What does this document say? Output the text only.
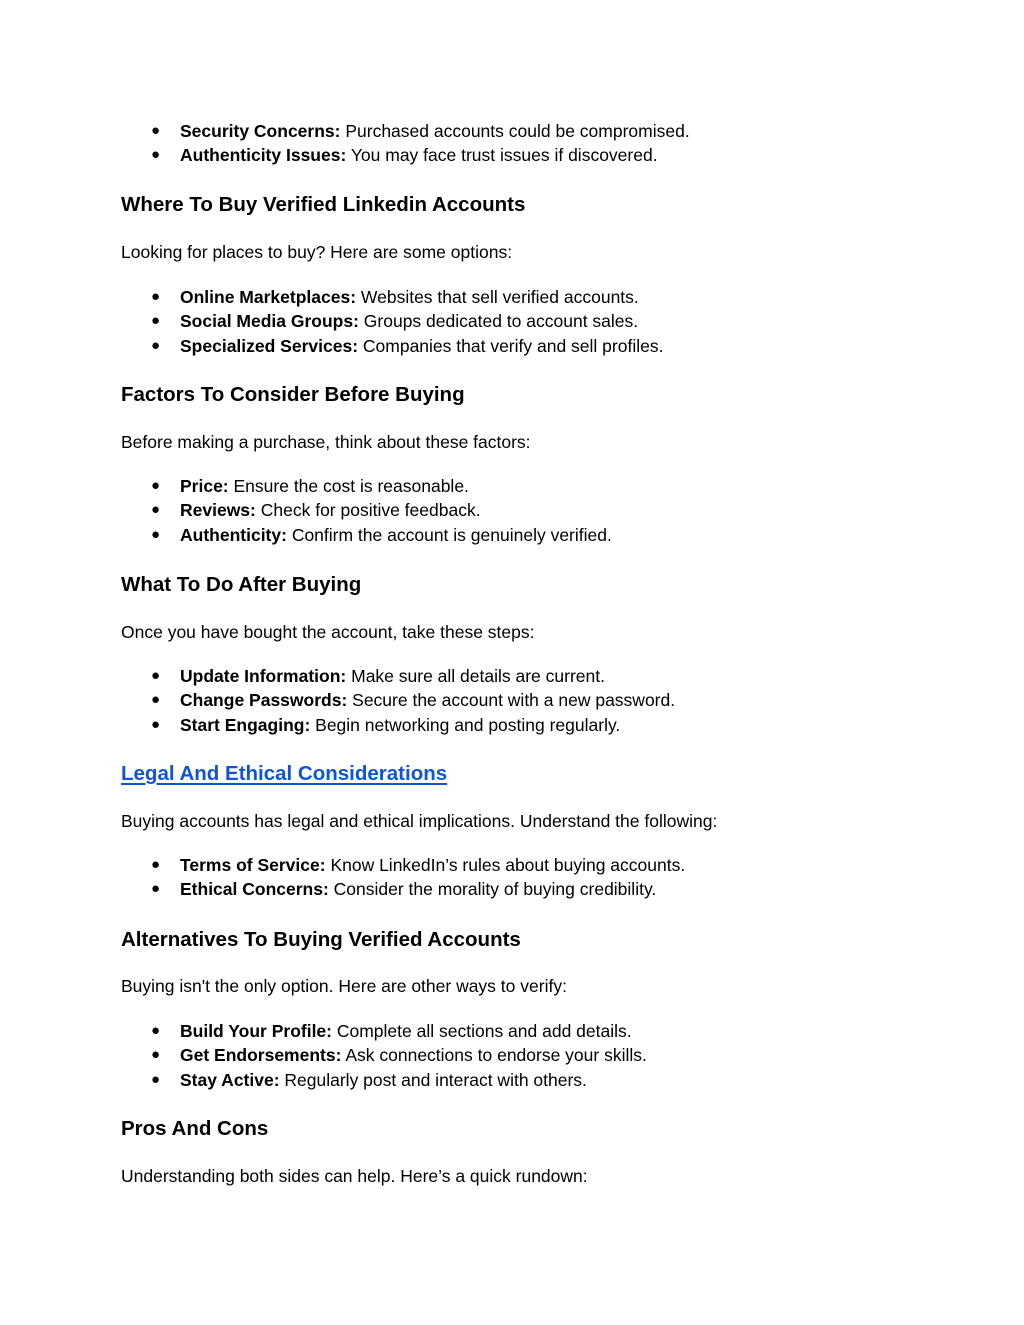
● Security Concerns: Purchased accounts could be compromised.
● Authenticity Issues: You may face trust issues if discovered.
Where To Buy Verified Linkedin Accounts
Looking for places to buy? Here are some options:
● Online Marketplaces: Websites that sell verified accounts.
● Social Media Groups: Groups dedicated to account sales.
● Specialized Services: Companies that verify and sell profiles.
Factors To Consider Before Buying
Before making a purchase, think about these factors:
● Price: Ensure the cost is reasonable.
● Reviews: Check for positive feedback.
● Authenticity: Confirm the account is genuinely verified.
What To Do After Buying
Once you have bought the account, take these steps:
● Update Information: Make sure all details are current.
● Change Passwords: Secure the account with a new password.
● Start Engaging: Begin networking and posting regularly.
Legal And Ethical Considerations
Buying accounts has legal and ethical implications. Understand the following:
● Terms of Service: Know LinkedIn’s rules about buying accounts.
● Ethical Concerns: Consider the morality of buying credibility.
Alternatives To Buying Verified Accounts
Buying isn't the only option. Here are other ways to verify:
● Build Your Profile: Complete all sections and add details.
● Get Endorsements: Ask connections to endorse your skills.
● Stay Active: Regularly post and interact with others.
Pros And Cons
Understanding both sides can help. Here’s a quick rundown:
